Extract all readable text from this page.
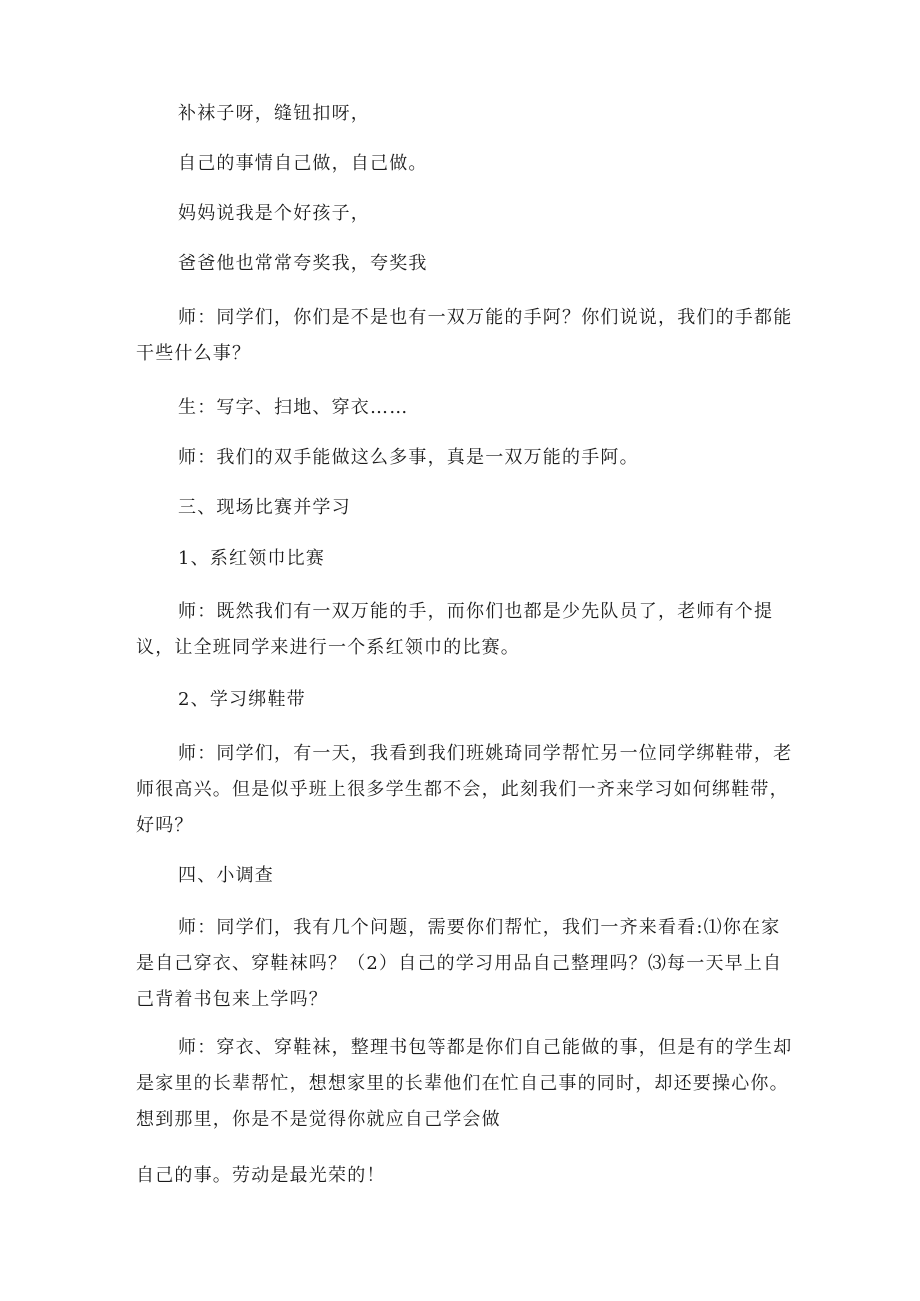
补袜子呀，缝钮扣呀，
自己的事情自己做，自己做。
妈妈说我是个好孩子，
爸爸他也常常夸奖我，夸奖我
师：同学们，你们是不是也有一双万能的手阿？你们说说，我们的手都能干些什么事？
生：写字、扫地、穿衣……
师：我们的双手能做这么多事，真是一双万能的手阿。
三、现场比赛并学习
1、系红领巾比赛
师：既然我们有一双万能的手，而你们也都是少先队员了，老师有个提议，让全班同学来进行一个系红领巾的比赛。
2、学习绑鞋带
师：同学们，有一天，我看到我们班姚琦同学帮忙另一位同学绑鞋带，老师很高兴。但是似乎班上很多学生都不会，此刻我们一齐来学习如何绑鞋带，好吗？
四、小调查
师：同学们，我有几个问题，需要你们帮忙，我们一齐来看看:⑴你在家是自己穿衣、穿鞋袜吗？（2）自己的学习用品自己整理吗？⑶每一天早上自己背着书包来上学吗？
师：穿衣、穿鞋袜，整理书包等都是你们自己能做的事，但是有的学生却是家里的长辈帮忙，想想家里的长辈他们在忙自己事的同时，却还要操心你。想到那里，你是不是觉得你就应自己学会做
自己的事。劳动是最光荣的！
